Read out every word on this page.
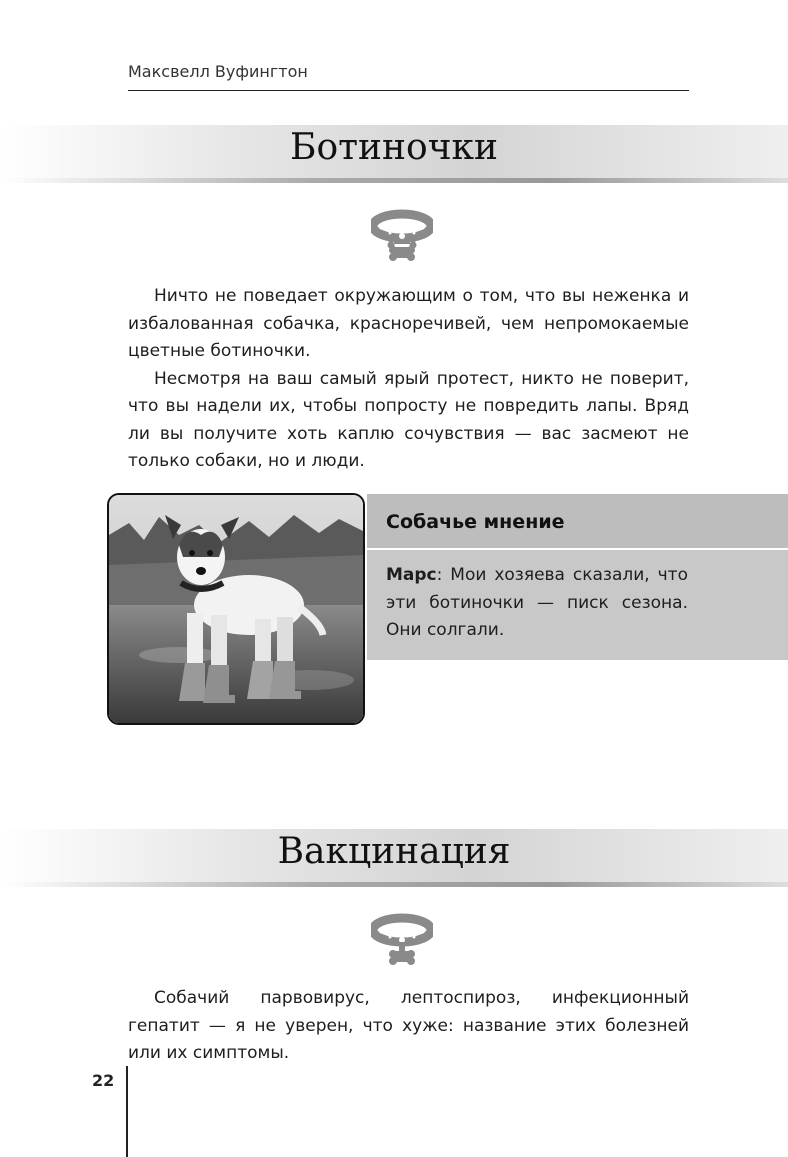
Максвелл Вуфингтон
Ботиночки

Ничто не поведает окружающим о том, что вы неженка и избалованная собачка, красноречивей, чем непромокаемые цветные ботиночки.

Несмотря на ваш самый ярый протест, никто не поверит, что вы надели их, чтобы попросту не повредить лапы. Вряд ли вы получите хоть каплю сочувствия — вас засмеют не только собаки, но и люди.

Собачье мнение
Марс: Мои хозяева сказали, что эти ботиночки — писк сезона. Они солгали.
Вакцинация

Собачий парвовирус, лептоспироз, инфекционный гепатит — я не уверен, что хуже: название этих болезней или их симптомы.

22
